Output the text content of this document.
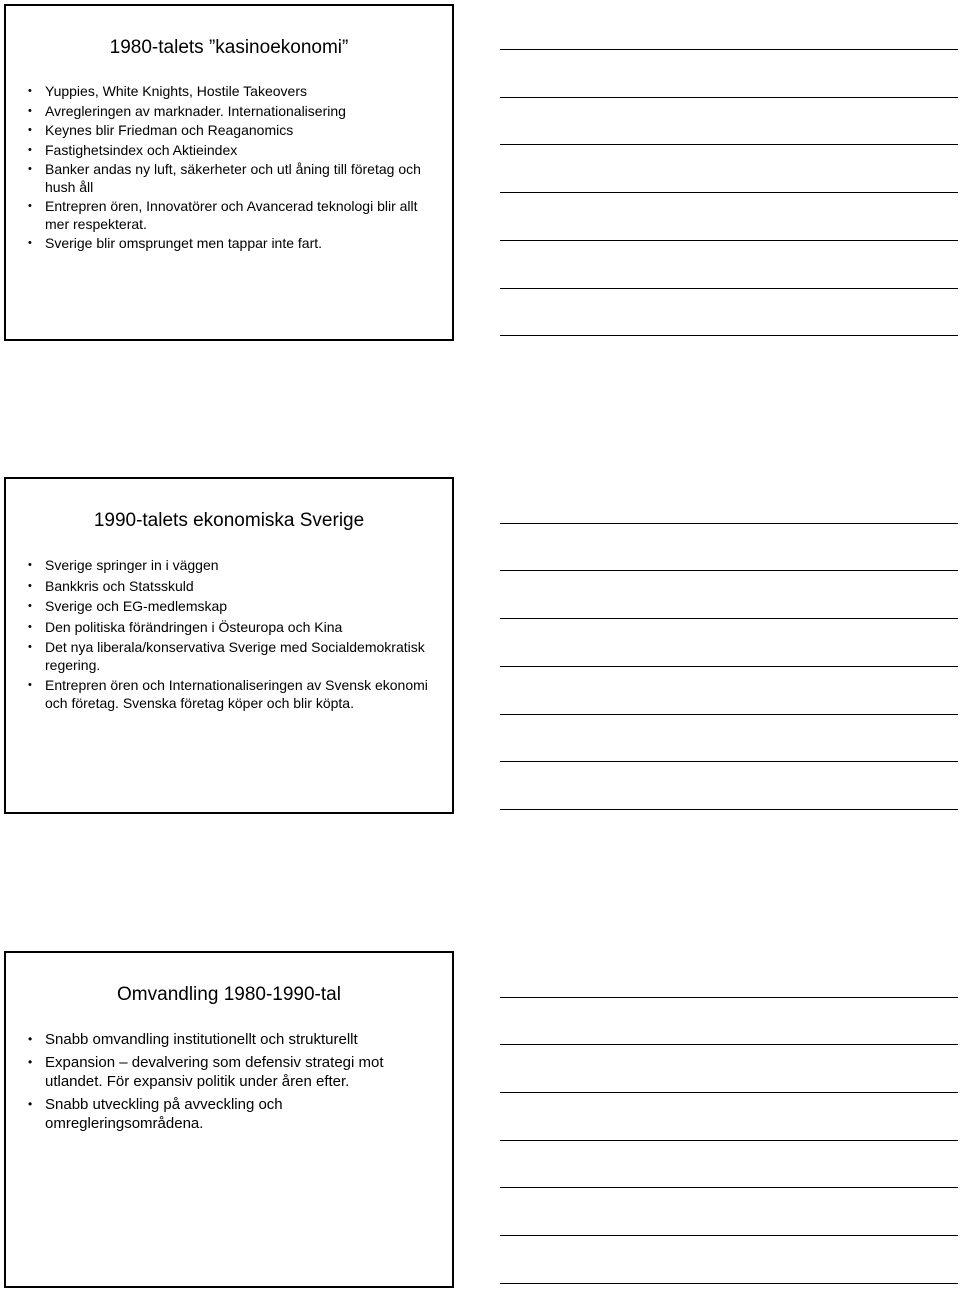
1980-talets ”kasinoekonomi”
• Yuppies, White Knights, Hostile Takeovers
• Avregleringen av marknader. Internationalisering
• Keynes blir Friedman och Reaganomics
• Fastighetsindex och Aktieindex
• Banker andas ny luft, säkerheter och utl åning till företag och hush åll
• Entrepren ören, Innovatörer och Avancerad teknologi blir allt mer respekterat.
• Sverige blir omsprunget men tappar inte fart.
1990-talets ekonomiska Sverige
• Sverige springer in i väggen
• Bankkris och Statsskuld
• Sverige och EG-medlemskap
• Den politiska förändringen i Östeuropa och Kina
• Det nya liberala/konservativa Sverige med Socialdemokratisk regering.
• Entrepren ören och Internationaliseringen av Svensk ekonomi och företag. Svenska företag köper och blir köpta.
Omvandling 1980-1990-tal
• Snabb omvandling institutionellt och strukturellt
• Expansion – devalvering som defensiv strategi mot utlandet. För expansiv politik under åren efter.
• Snabb utveckling på avveckling och omregleringsområdena.
